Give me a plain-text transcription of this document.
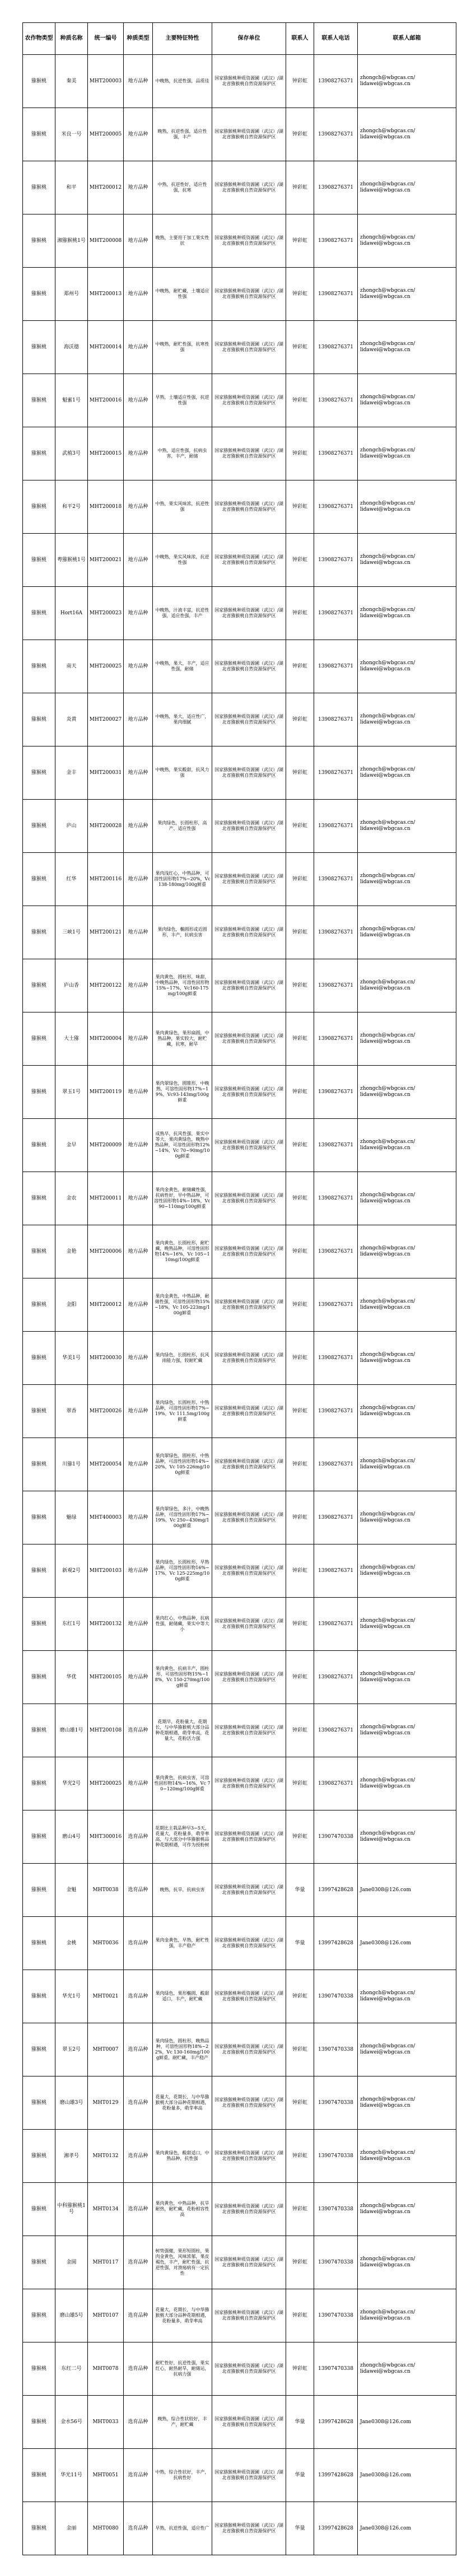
农作物类型	种质名称	统一编号	种质类型	主要特征特性	保存单位	联系人	联系人电话	联系人邮箱
猕猴桃	秦美	MHT200003	地方品种	中晚熟，抗逆性强，品质佳	国家猕猴桃种质资源圃（武汉）/湖北省猕猴桃自然资源保护区	钟彩虹	13908276371	zhongch@wbgcas.cn/
lidawei@wbgcas.cn
猕猴桃	米良一号	MHT200005	地方品种	晚熟，抗逆性强，适应性强，丰产	国家猕猴桃种质资源圃（武汉）/湖北省猕猴桃自然资源保护区	钟彩虹	13908276371	zhongch@wbgcas.cn/
lidawei@wbgcas.cn
猕猴桃	和平	MHT200012	地方品种	中熟，抗逆性好，适应性强，抗寒	国家猕猴桃种质资源圃（武汉）/湖北省猕猴桃自然资源保护区	钟彩虹	13908276371	zhongch@wbgcas.cn/
lidawei@wbgcas.cn
猕猴桃	湘猕猴桃1号	MHT200008	地方品种	晚熟，主要用于加工果实性状	国家猕猴桃种质资源圃（武汉）/湖北省猕猴桃自然资源保护区	钟彩虹	13908276371	zhongch@wbgcas.cn/
lidawei@wbgcas.cn
猕猴桃	郑州号	MHT200013	地方品种	中晚熟，耐贮藏，土壤适应性强	国家猕猴桃种质资源圃（武汉）/湖北省猕猴桃自然资源保护区	钟彩虹	13908276371	zhongch@wbgcas.cn/
lidawei@wbgcas.cn
猕猴桃	海沃德	MHT200014	地方品种	中晚熟，耐贮性强，抗寒性强	国家猕猴桃种质资源圃（武汉）/湖北省猕猴桃自然资源保护区	钟彩虹	13908276371	zhongch@wbgcas.cn/
lidawei@wbgcas.cn
猕猴桃	魁蜜1号	MHT200016	地方品种	早熟，土壤适应性强，抗逆性强	国家猕猴桃种质资源圃（武汉）/湖北省猕猴桃自然资源保护区	钟彩虹	13908276371	zhongch@wbgcas.cn/
lidawei@wbgcas.cn
猕猴桃	武植3号	MHT200015	地方品种	中熟，适应性强，抗病虫害，丰产，耐储	国家猕猴桃种质资源圃（武汉）/湖北省猕猴桃自然资源保护区	钟彩虹	13908276371	zhongch@wbgcas.cn/
lidawei@wbgcas.cn
猕猴桃	和平2号	MHT200018	地方品种	中熟，果实风味浓，抗逆性强	国家猕猴桃种质资源圃（武汉）/湖北省猕猴桃自然资源保护区	钟彩虹	13908276371	zhongch@wbgcas.cn/
lidawei@wbgcas.cn
猕猴桃	粤猕猴桃1号	MHT200021	地方品种	中晚熟，果实风味浓，抗逆性强	国家猕猴桃种质资源圃（武汉）/湖北省猕猴桃自然资源保护区	钟彩虹	13908276371	zhongch@wbgcas.cn/
lidawei@wbgcas.cn
猕猴桃	Hort16A	MHT200023	地方品种	中晚熟，汁液丰富，抗逆性强，适应性强，丰产	国家猕猴桃种质资源圃（武汉）/湖北省猕猴桃自然资源保护区	钟彩虹	13908276371	zhongch@wbgcas.cn/
lidawei@wbgcas.cn
猕猴桃	南天	MHT200025	地方品种	中晚熟，果大，丰产，适应性强，耐储	国家猕猴桃种质资源圃（武汉）/湖北省猕猴桃自然资源保护区	钟彩虹	13908276371	zhongch@wbgcas.cn/
lidawei@wbgcas.cn
猕猴桃	炎黄	MHT200027	地方品种	中晚熟，果大，适应性广，果肉细腻	国家猕猴桃种质资源圃（武汉）/湖北省猕猴桃自然资源保护区	钟彩虹	13908276371	zhongch@wbgcas.cn/
lidawei@wbgcas.cn
猕猴桃	金丰	MHT200031	地方品种	中晚熟，果实酸甜，抗风力强	国家猕猴桃种质资源圃（武汉）/湖北省猕猴桃自然资源保护区	钟彩虹	13908276371	zhongch@wbgcas.cn/
lidawei@wbgcas.cn
猕猴桃	庐山	MHT200028	地方品种	果肉绿色，长圆柱形，高产、适应性强	国家猕猴桃种质资源圃（武汉）/湖北省猕猴桃自然资源保护区	钟彩虹	13908276371	zhongch@wbgcas.cn/
lidawei@wbgcas.cn
猕猴桃	红华	MHT200116	地方品种	果肉浅红心，中熟品种，可溶性固形物17%~20%，Vc138-180mg/100g鲜重	国家猕猴桃种质资源圃（武汉）/湖北省猕猴桃自然资源保护区	钟彩虹	13908276371	zhongch@wbgcas.cn/
lidawei@wbgcas.cn
猕猴桃	三峡1号	MHT200121	地方品种	果肉绿色，椭圆形或近圆形，丰产，抗病虫害	国家猕猴桃种质资源圃（武汉）/湖北省猕猴桃自然资源保护区	钟彩虹	13908276371	zhongch@wbgcas.cn/
lidawei@wbgcas.cn
猕猴桃	庐山香	MHT200122	地方品种	果肉黄色，圆柱形，味甜，中晚熟品种，可溶性固形物15%~17%，Vc160-175mg/100g鲜重	国家猕猴桃种质资源圃（武汉）/湖北省猕猴桃自然资源保护区	钟彩虹	13908276371	zhongch@wbgcas.cn/
lidawei@wbgcas.cn
猕猴桃	大土猕	MHT200004	地方品种	果肉黄绿色，果形扁圆，中熟品种，果实较大，耐贮藏，抗寒，耐旱	国家猕猴桃种质资源圃（武汉）/湖北省猕猴桃自然资源保护区	钟彩虹	13908276371	zhongch@wbgcas.cn/
lidawei@wbgcas.cn
猕猴桃	翠玉1号	MHT200119	地方品种	果肉翠绿色，圆锥形，中晚熟，可溶性固形物17%~19%，Vc93-143mg/100g鲜重	国家猕猴桃种质资源圃（武汉）/湖北省猕猴桃自然资源保护区	钟彩虹	13908276371	zhongch@wbgcas.cn/
lidawei@wbgcas.cn
猕猴桃	金早	MHT200009	地方品种	成熟早，抗风性强，果实中等大，果肉黄绿色，晚熟中熟品种，可溶性固形物12%~14%，Vc 70~90mg/100g鲜重	国家猕猴桃种质资源圃（武汉）/湖北省猕猴桃自然资源保护区	钟彩虹	13908276371	zhongch@wbgcas.cn/
lidawei@wbgcas.cn
猕猴桃	金农	MHT200011	地方品种	果肉金黄色，耐储藏性强，抗病性好，早中熟品种，可溶性固形物14%~18%，Vc 90~110mg/100g鲜重	国家猕猴桃种质资源圃（武汉）/湖北省猕猴桃自然资源保护区	钟彩虹	13908276371	zhongch@wbgcas.cn/
lidawei@wbgcas.cn
猕猴桃	金艳	MHT200006	地方品种	果肉黄色，长圆柱形，耐贮藏，晚熟品种，可溶性固形物14%~16%，Vc 105~110mg/100g鲜重	国家猕猴桃种质资源圃（武汉）/湖北省猕猴桃自然资源保护区	钟彩虹	13908276371	zhongch@wbgcas.cn/
lidawei@wbgcas.cn
猕猴桃	金阳	MHT200012	地方品种	果肉金黄色，中熟品种，耐储性强，可溶性固形物15%~18%，Vc 105-223mg/100g鲜重	国家猕猴桃种质资源圃（武汉）/湖北省猕猴桃自然资源保护区	钟彩虹	13908276371	zhongch@wbgcas.cn/
lidawei@wbgcas.cn
猕猴桃	华美1号	MHT200030	地方品种	果肉绿色，长圆柱形，抗风雨能力强，较耐贮藏	国家猕猴桃种质资源圃（武汉）/湖北省猕猴桃自然资源保护区	钟彩虹	13908276371	zhongch@wbgcas.cn/
lidawei@wbgcas.cn
猕猴桃	翠香	MHT200026	地方品种	果肉绿色，长圆柱形，中熟品种，可溶性固形物17%~19%，Vc 111.5mg/100g鲜重	国家猕猴桃种质资源圃（武汉）/湖北省猕猴桃自然资源保护区	钟彩虹	13908276371	zhongch@wbgcas.cn/
lidawei@wbgcas.cn
猕猴桃	川猕1号	MHT200054	地方品种	果肉翠绿色，圆柱形，中熟品种，可溶性固形物14%~20%，Vc 105-226mg/100g鲜重	国家猕猴桃种质资源圃（武汉）/湖北省猕猴桃自然资源保护区	钟彩虹	13908276371	zhongch@wbgcas.cn/
lidawei@wbgcas.cn
猕猴桃	魅绿	MHT400003	地方品种	果肉翠绿色，多汁，中晚熟品种，可溶性固形物17%~19%，Vc 250~430mg/100g鲜重	国家猕猴桃种质资源圃（武汉）/湖北省猕猴桃自然资源保护区	钟彩虹	13908276371	zhongch@wbgcas.cn/
lidawei@wbgcas.cn
猕猴桃	新观2号	MHT200103	地方品种	果肉绿色，长圆柱形，早熟品种，可溶性固形物16%~17%，Vc 125-225mg/100g鲜重	国家猕猴桃种质资源圃（武汉）/湖北省猕猴桃自然资源保护区	钟彩虹	13908276371	zhongch@wbgcas.cn/
lidawei@wbgcas.cn
猕猴桃	东红1号	MHT200132	地方品种	果肉红心，中熟品种，抗病性强，耐储藏，果实中等大小	国家猕猴桃种质资源圃（武汉）/湖北省猕猴桃自然资源保护区	钟彩虹	13908276371	zhongch@wbgcas.cn/
lidawei@wbgcas.cn
猕猴桃	华优	MHT200105	地方品种	果肉黄色，抗病丰产，圆柱形，可溶性固形物15%~18%，Vc 150-270mg/100g鲜重	国家猕猴桃种质资源圃（武汉）/湖北省猕猴桃自然资源保护区	钟彩虹	13908276371	zhongch@wbgcas.cn/
lidawei@wbgcas.cn
猕猴桃	磨山雄1号	MHT200108	选育品种	花期早，花粉量大，花期长，与中华猕猴桃大部分品种花期相遇，萌芽率高，花量大，花粉活力强	国家猕猴桃种质资源圃（武汉）/湖北省猕猴桃自然资源保护区	钟彩虹	13908276371	zhongch@wbgcas.cn/
lidawei@wbgcas.cn
猕猴桃	华光2号	MHT200025	地方品种	果肉黄色，抗病虫害，可溶性固形物14%~16%，Vc 70~120mg/100g鲜重	国家猕猴桃种质资源圃（武汉）/湖北省猕猴桃自然资源保护区	钟彩虹	13908276371	zhongch@wbgcas.cn/
lidawei@wbgcas.cn
猕猴桃	磨山4号	MHT300016	选育品种	花期比主栽品种早3~5天，花量大，花粉量多，萌芽率高，与大部分中华猕猴桃品种花期相遇，可作为授粉树	国家猕猴桃种质资源圃（武汉）/湖北省猕猴桃自然资源保护区	钟彩虹	13907470338	zhongch@wbgcas.cn/
lidawei@wbgcas.cn
猕猴桃	金魁	MHT0038	选育品种	晚熟，抗旱，抗病虫害	国家猕猴桃种质资源圃（武汉）/湖北省猕猴桃自然资源保护区	华量	13997428628	Jane0308@126.com
猕猴桃	金桃	MHT0036	选育品种	果肉金黄色，早熟，耐贮性强，丰产稳产	国家猕猴桃种质资源圃（武汉）/湖北省猕猴桃自然资源保护区	华量	13997428628	Jane0308@126.com
猕猴桃	华光1号	MHT0021	选育品种	果肉绿色，果形椭圆，酸甜适口，丰产，耐贮藏	国家猕猴桃种质资源圃（武汉）/湖北省猕猴桃自然资源保护区	钟彩虹	13907470338	zhongch@wbgcas.cn/
lidawei@wbgcas.cn
猕猴桃	翠玉2号	MHT0007	选育品种	果肉绿色，圆柱形，晚熟品种，可溶性固形物18%~22%，Vc 130-160mg/100g鲜重，耐贮藏，丰产稳产	国家猕猴桃种质资源圃（武汉）/湖北省猕猴桃自然资源保护区	钟彩虹	13907470338	zhongch@wbgcas.cn/
lidawei@wbgcas.cn
猕猴桃	磨山雄3号	MHT0129	选育品种	花量大，花期长，与中华猕猴桃大部分品种花期相遇，花粉量多，萌芽率高	国家猕猴桃种质资源圃（武汉）/湖北省猕猴桃自然资源保护区	钟彩虹	13907470338	zhongch@wbgcas.cn/
lidawei@wbgcas.cn
猕猴桃	湘孝号	MHT0132	选育品种	果肉黄绿色，酸甜适口，中熟品种，抗性强	国家猕猴桃种质资源圃（武汉）/湖北省猕猴桃自然资源保护区	钟彩虹	13907470338	zhongch@wbgcas.cn/
lidawei@wbgcas.cn
猕猴桃	中科猕猴桃1号	MHT0134	选育品种	果肉黄色，中熟品种，抗旱耐热，耐贮藏，花粉相容性高	国家猕猴桃种质资源圃（武汉）/湖北省猕猴桃自然资源保护区	钟彩虹	13907470338	zhongch@wbgcas.cn/
lidawei@wbgcas.cn
猕猴桃	金圆	MHT0117	选育品种	树势强健，果形短圆柱，果肉金黄色，风味浓郁，果皮褐色，丰产，耐贮性强，抗逆性强，对溃疡病有一定抗性	国家猕猴桃种质资源圃（武汉）/湖北省猕猴桃自然资源保护区	钟彩虹	13907470338	zhongch@wbgcas.cn/
lidawei@wbgcas.cn
猕猴桃	磨山雄5号	MHT0107	选育品种	花量大，花期长，与中华猕猴桃大部分品种花期相遇，花粉量多，萌芽率高	国家猕猴桃种质资源圃（武汉）/湖北省猕猴桃自然资源保护区	钟彩虹	13907470338	zhongch@wbgcas.cn/
lidawei@wbgcas.cn
猕猴桃	东红二号	MHT0078	选育品种	耐贮性好，抗逆性强，果实红心，耐热耐旱，耐储运，抗病力强	国家猕猴桃种质资源圃（武汉）/湖北省猕猴桃自然资源保护区	钟彩虹	13907470338	zhongch@wbgcas.cn/
lidawei@wbgcas.cn
猕猴桃	金水56号	MHT0033	选育品种	晚熟，综合性状较好，丰产，耐贮藏	国家猕猴桃种质资源圃（武汉）/湖北省猕猴桃自然资源保护区	华量	13997428628	Jane0308@126.com
猕猴桃	华光11号	MHT0051	选育品种	中熟，综合性状好，丰产，抗病性好	国家猕猴桃种质资源圃（武汉）/湖北省猕猴桃自然资源保护区	华量	13997428628	Jane0308@126.com
猕猴桃	金丽	MHT0080	选育品种	早熟，抗逆性强，适应性广	国家猕猴桃种质资源圃（武汉）/湖北省猕猴桃自然资源保护区	华量	13997428628	Jane0308@126.com
